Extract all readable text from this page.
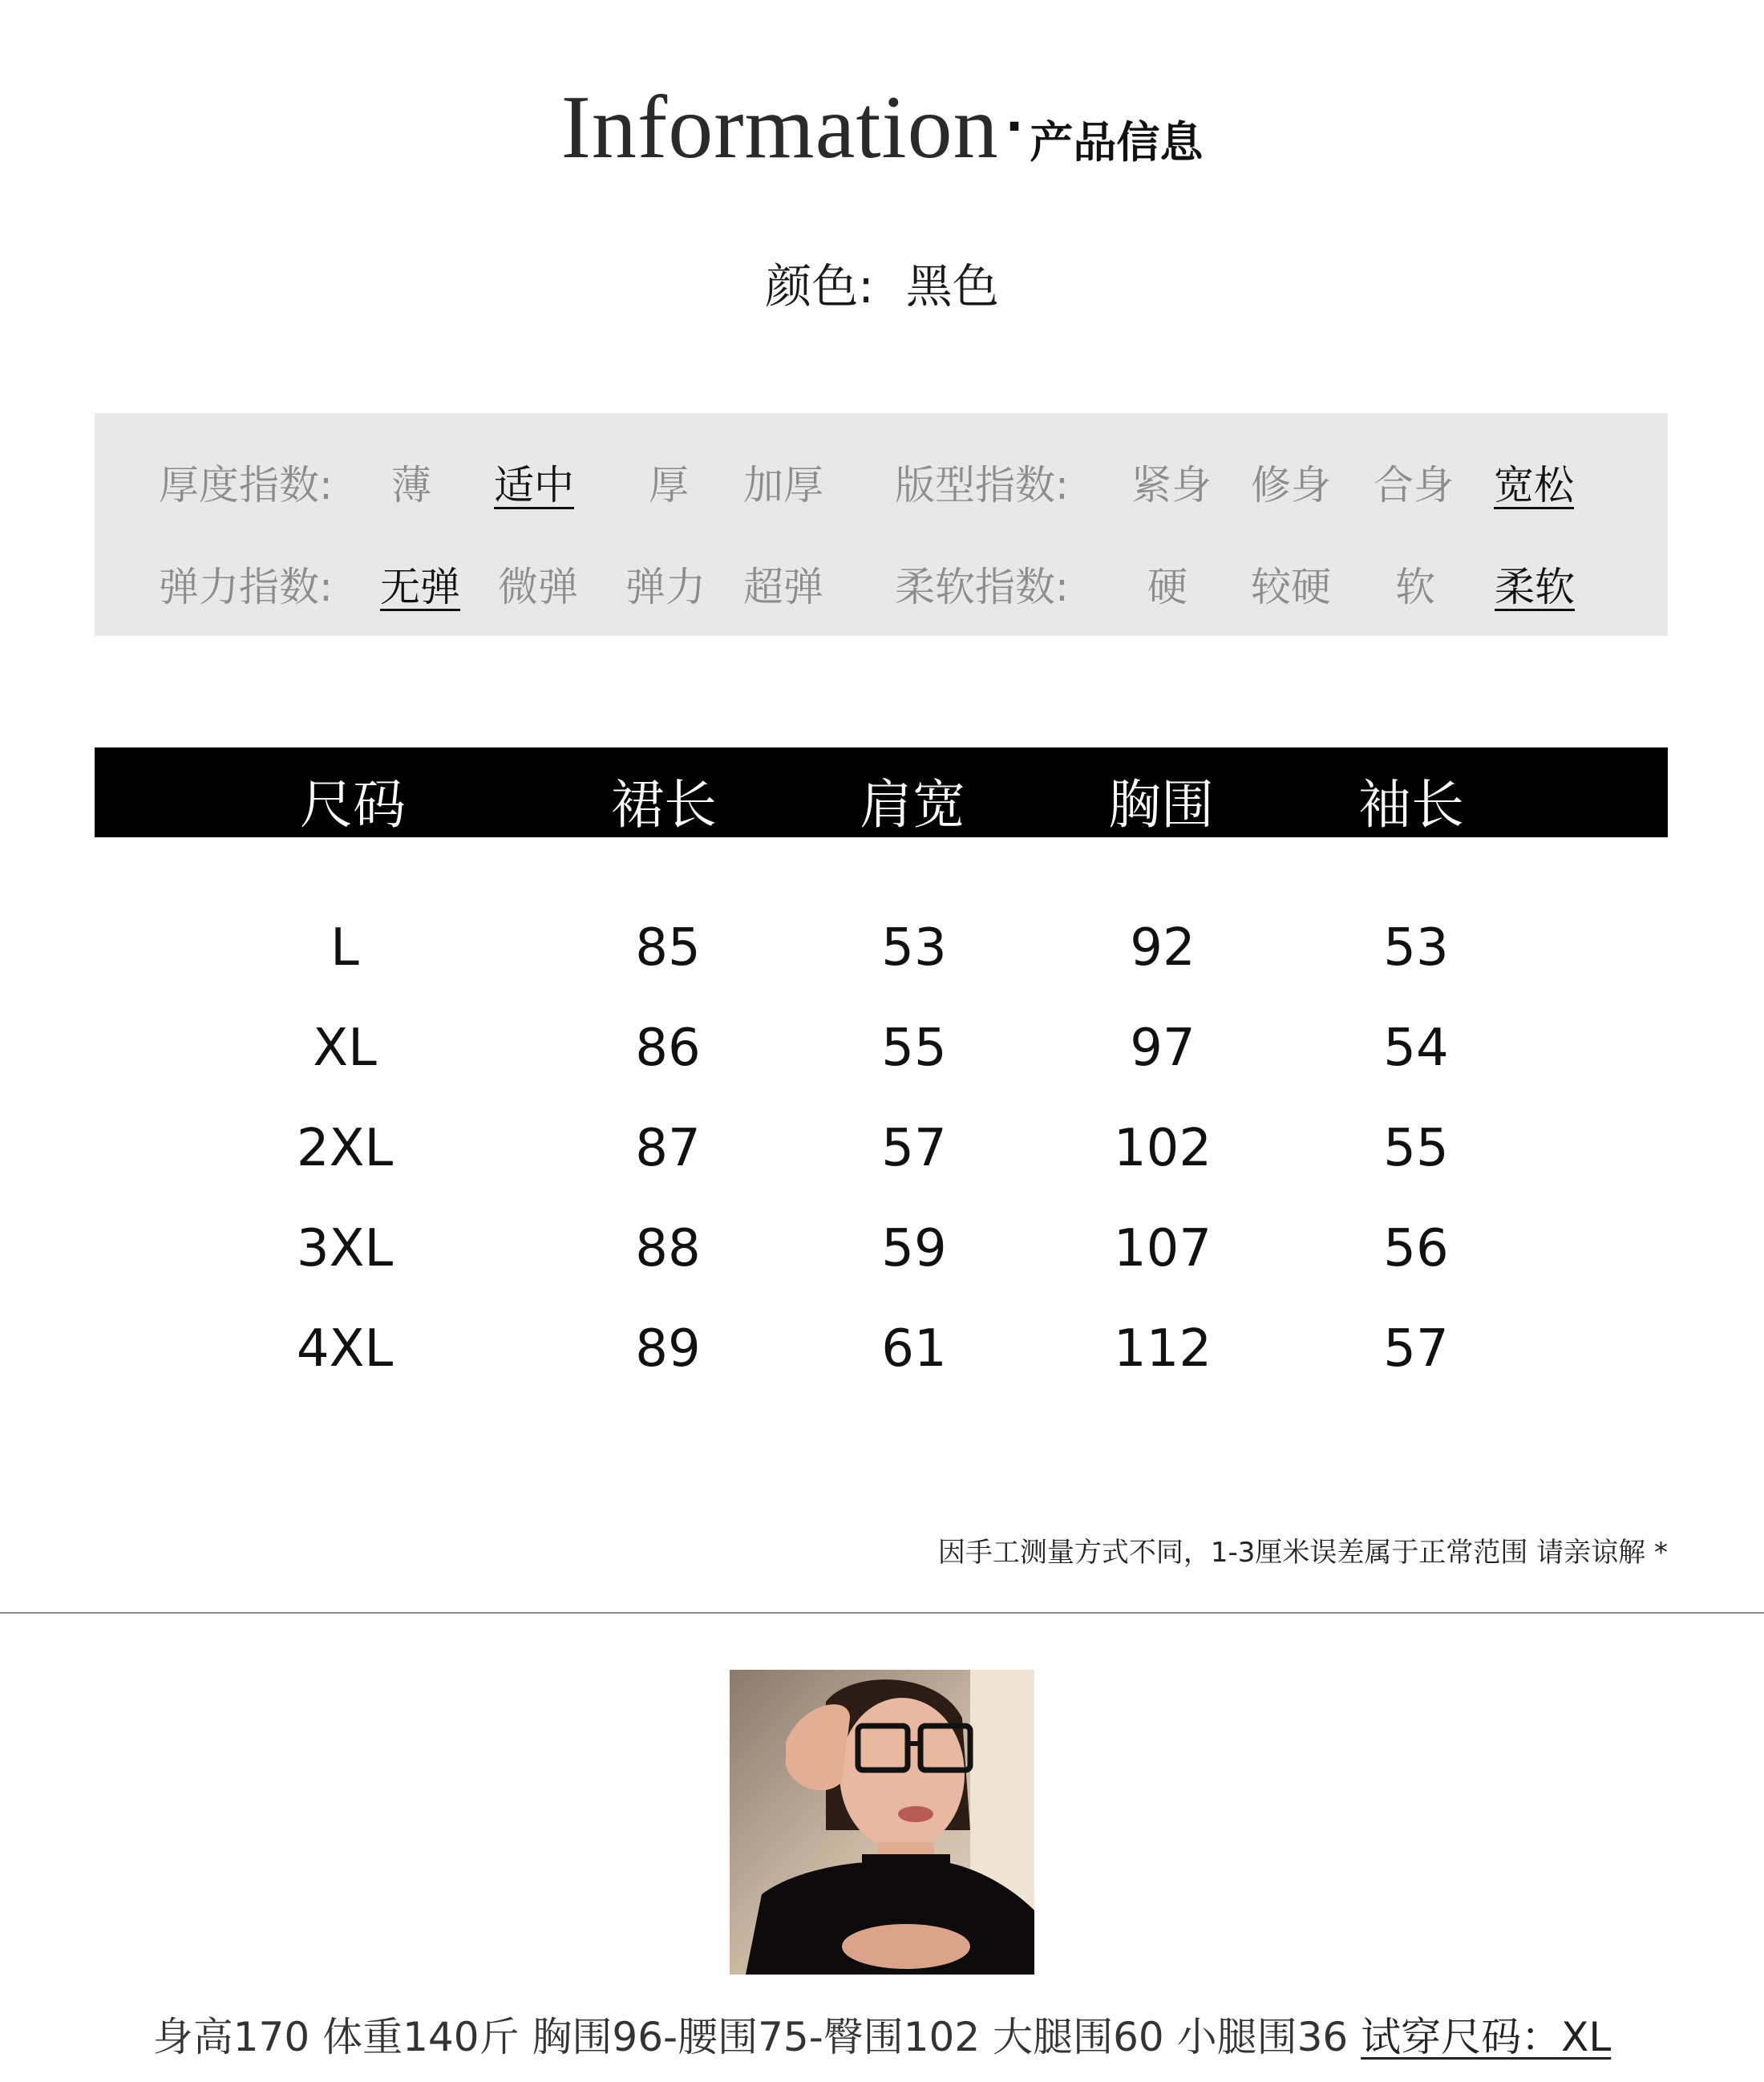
Information · 产品信息
颜色: 黑色
厚度指数: 薄 适中 厚 加厚 版型指数: 紧身 修身 合身 宽松
弹力指数: 无弹 微弹 弹力 超弹 柔软指数: 硬 较硬 软 柔软
尺码	裙长	肩宽	胸围	袖长
L	85	53	92	53
XL	86	55	97	54
2XL	87	57	102	55
3XL	88	59	107	56
4XL	89	61	112	57
因手工测量方式不同，1-3厘米误差属于正常范围 请亲谅解 *
身高170 体重140斤 胸围96-腰围75-臀围102 大腿围60 小腿围36 试穿尺码：XL
